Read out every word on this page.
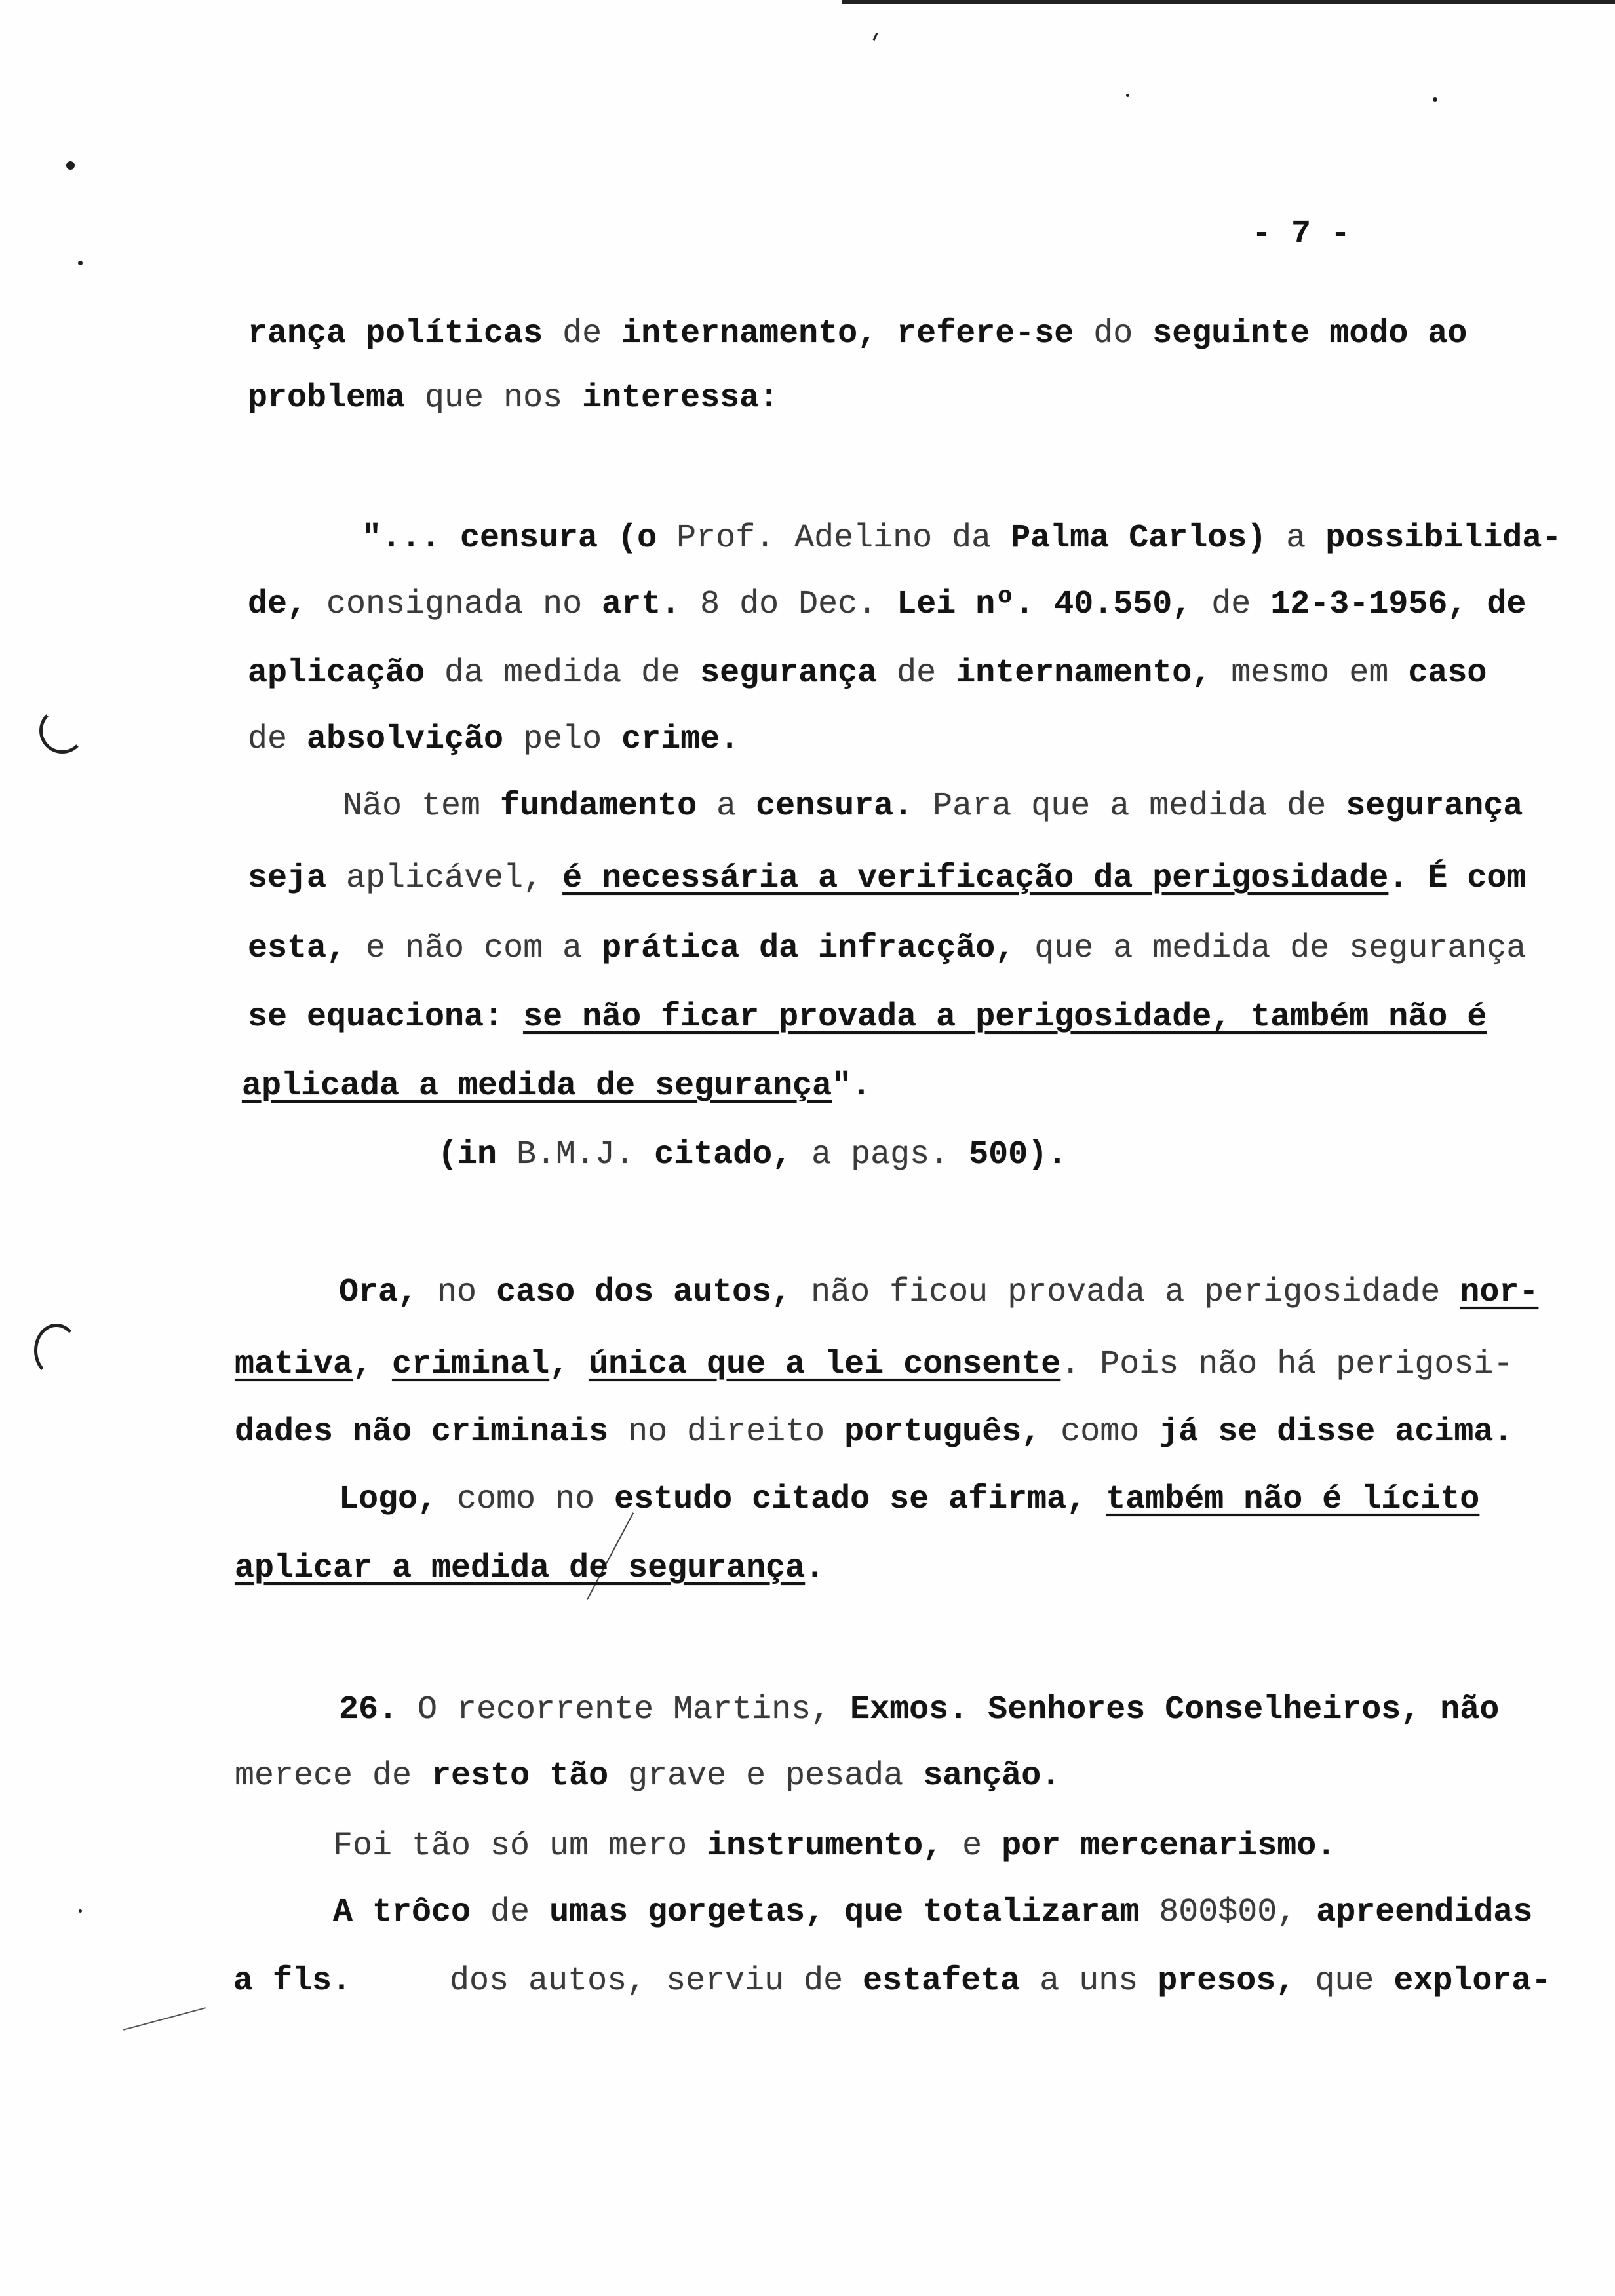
- 7 -
rança políticas  de  internamento, refere-se  do  seguinte modo ao
problema  que nos  interessa:
"... censura (o  Prof. Adelino da  Palma Carlos)  a  possibilida-
de,  consignada no  art.  8 do Dec.  Lei nº. 40.550,  de  12-3-1956, de
aplicação  da medida de  segurança  de  internamento,  mesmo em  caso
de  absolvição  pelo  crime.
Não tem  fundamento  a  censura.  Para que a medida de  segurança
seja  aplicável,  é necessária a verificação da perigosidade .  É com
esta,  e não com a  prática da infracção,  que a medida de segurança
se equaciona:  se não ficar provada a perigosidade, também não é
aplicada a medida de segurança ".
(in  B.M.J.  citado,  a pags.  500).
Ora,  no  caso dos autos,  não ficou provada a perigosidade  nor-
mativa ,  criminal ,  única que a lei consente . Pois não há perigosi-
dades não criminais  no direito  português,  como  já se disse acima.
Logo,  como no  estudo citado se  afirma,  também não é lícito
aplicar a medida de segurança .
26.  O recorrente Martins,  Exmos. Senhores Conselheiros, não
merece de  resto tão  grave e pesada  sanção.
Foi tão só um mero  instrumento,  e  por mercenarismo.
A trôco  de  umas gorgetas, que totalizaram  800$00,  apreendidas
a fls.      dos autos, serviu de  estafeta  a uns  presos,  que  explora-
